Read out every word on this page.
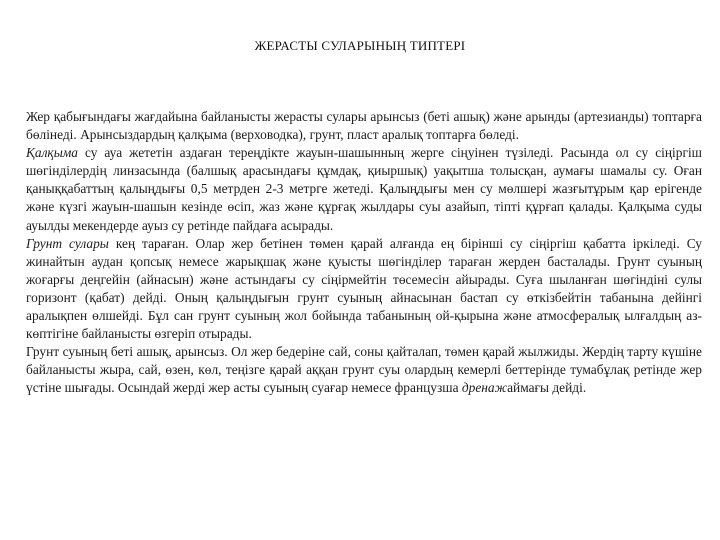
ЖЕРАСТЫ СУЛАРЫНЫҢ ТИПТЕРІ

Жер қабығындағы жағдайына байланысты жерасты сулары арынсыз (беті ашық) және арынды (артезианды) топтарға бөлінеді. Арынсыздардың қалқыма (верховодка), грунт, пласт аралық топтарға бөледі.

Қалқыма су ауа жететін аздаған тереңдікте жауын-шашынның жерге сіңуінен түзіледі. Расында ол су сіңіргіш шөгінділердің линзасында (балшық арасындағы құмдақ, қиыршық) уақытша толысқан, аумағы шамалы су. Оған қаныққабаттың қалыңдығы 0,5 метрден 2-3 метрге жетеді. Қалыңдығы мен су мөлшері жазғытұрым қар ерігенде және күзгі жауын-шашын кезінде өсіп, жаз және құрғақ жылдары суы азайып, тіпті құрғап қалады. Қалқыма суды ауылды мекендерде ауыз су ретінде пайдаға асырады.

Грунт сулары кең тараған. Олар жер бетінен төмен қарай алғанда ең бірінші су сіңіргіш қабатта іркіледі. Су жинайтын аудан қопсық немесе жарықшақ және қуысты шөгінділер тараған жерден басталады. Грунт суының жоғарғы деңгейін (айнасын) және астындағы су сіңірмейтін төсемесін айырады. Суға шыланған шөгіндіні сулы горизонт (қабат) дейді. Оның қалыңдығын грунт суының айнасынан бастап су өткізбейтін табанына дейінгі аралықпен өлшейді. Бұл сан грунт суының жол бойында табанының ой-қырына және атмосфералық ылғалдың аз-көптігіне байланысты өзгеріп отырады.

Грунт суының беті ашық, арынсыз. Ол жер бедеріне сай, соны қайталап, төмен қарай жылжиды. Жердің тарту күшіне байланысты жыра, сай, өзен, көл, теңізге қарай аққан грунт суы олардың кемерлі беттерінде тумабұлақ ретінде жер үстіне шығады. Осындай жерді жер асты суының суағар немесе французша дренажаймағы дейді.
